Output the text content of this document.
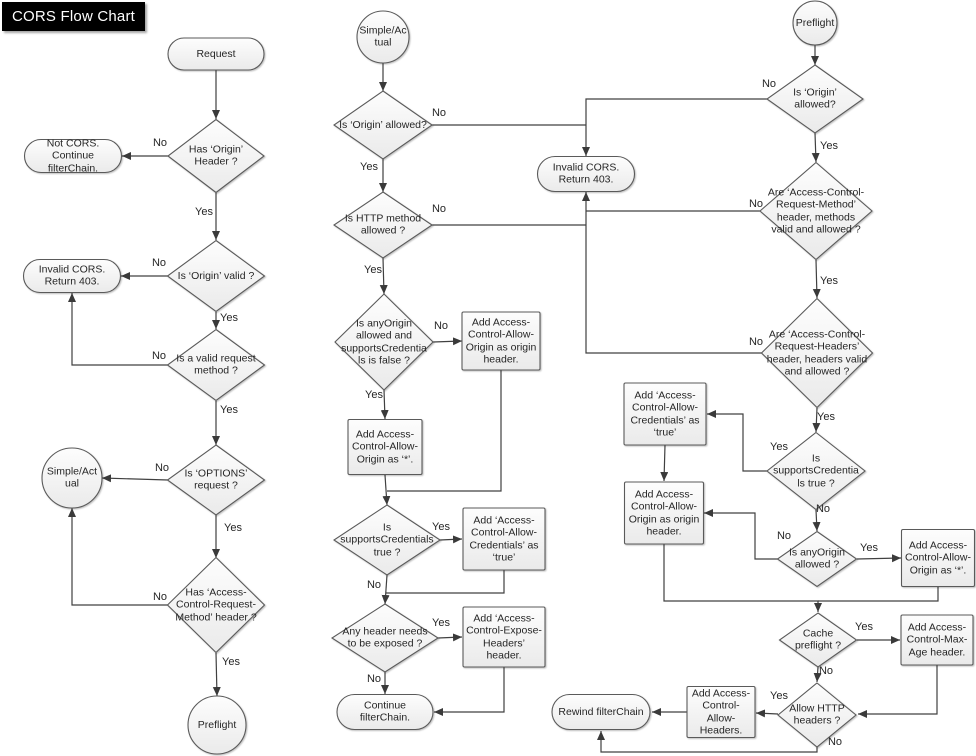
Request
Has ‘Origin’ Header ?
Not CORS. Continue filterChain.
Invalid CORS. Return 403.
Is ‘Origin’ valid ?
Is a valid request method ?
Is ‘OPTIONS’ request ?
Simple/Actual
Has ‘Access-Control-Request-Method’ header ?
Preflight
Simple/Actual
Is ‘Origin’ allowed?
Is HTTP method allowed ?
Is anyOrigin allowed and supportsCredentials is false ?
Add Access-Control-Allow-Origin as origin header.
Add Access-Control-Allow-Origin as ‘*’.
Is supportsCredentials true ?
Add ‘Access-Control-Allow-Credentials’ as ‘true’
Any header needs to be exposed ?
Add ‘Access-Control-Expose-Headers’ header.
Continue filterChain.
Invalid CORS. Return 403.
Preflight
Is ‘Origin’ allowed?
Are ‘Access-Control-Request-Method’ header, methods valid and allowed ?
Are ‘Access-Control-Request-Headers’ header, headers valid and allowed ?
Is supportsCredentials true ?
Add ‘Access-Control-Allow-Credentials’ as ‘true’
Add Access-Control-Allow-Origin as origin header.
Is anyOrigin allowed ?
Add Access-Control-Allow-Origin as ‘*’.
Cache preflight ?
Add Access-Control-Max-Age header.
Allow HTTP headers ?
Add Access-Control-Allow-Headers.
Rewind filterChain
No
Yes
No
Yes
No
Yes
No
Yes
No
Yes
No
Yes
No
Yes
No
Yes
Yes
No
Yes
No
No
Yes
No
Yes
No
Yes
Yes
No
No
Yes
Yes
No
Yes
No
CORS Flow Chart
